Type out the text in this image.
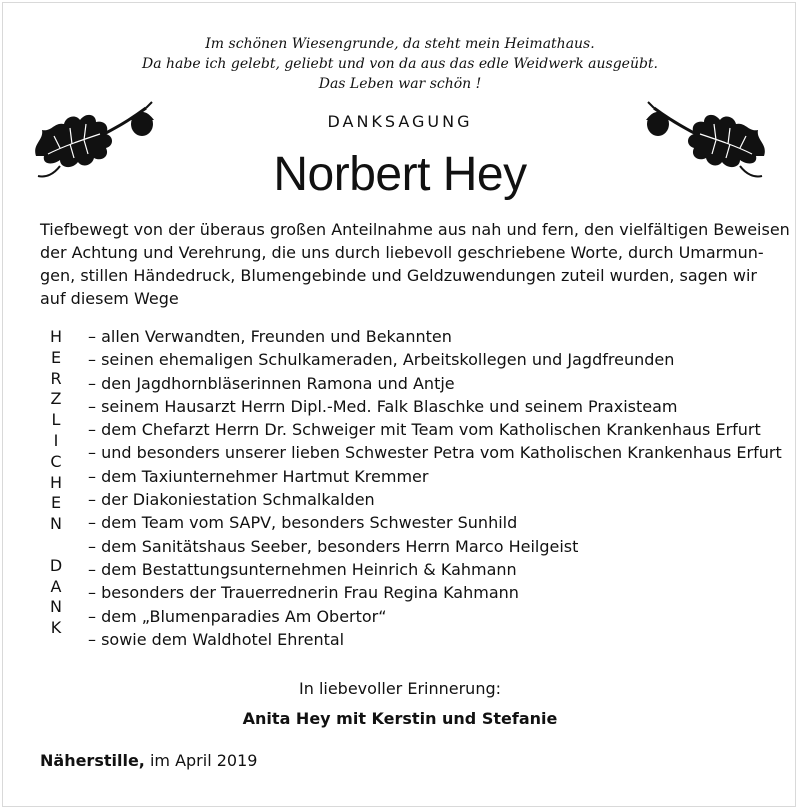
Im schönen Wiesengrunde, da steht mein Heimathaus.
Da habe ich gelebt, geliebt und von da aus das edle Weidwerk ausgeübt.
Das Leben war schön !
DANKSAGUNG
Norbert Hey
Tiefbewegt von der überaus großen Anteilnahme aus nah und fern, den vielfältigen Beweisen
der Achtung und Verehrung, die uns durch liebevoll geschriebene Worte, durch Umarmun-
gen, stillen Händedruck, Blumengebinde und Geldzuwendungen zuteil wurden, sagen wir
auf diesem Wege
H
E
R
Z
L
I
C
H
E
N
D
A
N
K
– allen Verwandten, Freunden und Bekannten
– seinen ehemaligen Schulkameraden, Arbeitskollegen und Jagdfreunden
– den Jagdhornbläserinnen Ramona und Antje
– seinem Hausarzt Herrn Dipl.-Med. Falk Blaschke und seinem Praxisteam
– dem Chefarzt Herrn Dr. Schweiger mit Team vom Katholischen Krankenhaus Erfurt
– und besonders unserer lieben Schwester Petra vom Katholischen Krankenhaus Erfurt
– dem Taxiunternehmer Hartmut Kremmer
– der Diakoniestation Schmalkalden
– dem Team vom SAPV, besonders Schwester Sunhild
– dem Sanitätshaus Seeber, besonders Herrn Marco Heilgeist
– dem Bestattungsunternehmen Heinrich & Kahmann
– besonders der Trauerrednerin Frau Regina Kahmann
– dem „Blumenparadies Am Obertor“
– sowie dem Waldhotel Ehrental
In liebevoller Erinnerung:
Anita Hey mit Kerstin und Stefanie
Näherstille, im April 2019
